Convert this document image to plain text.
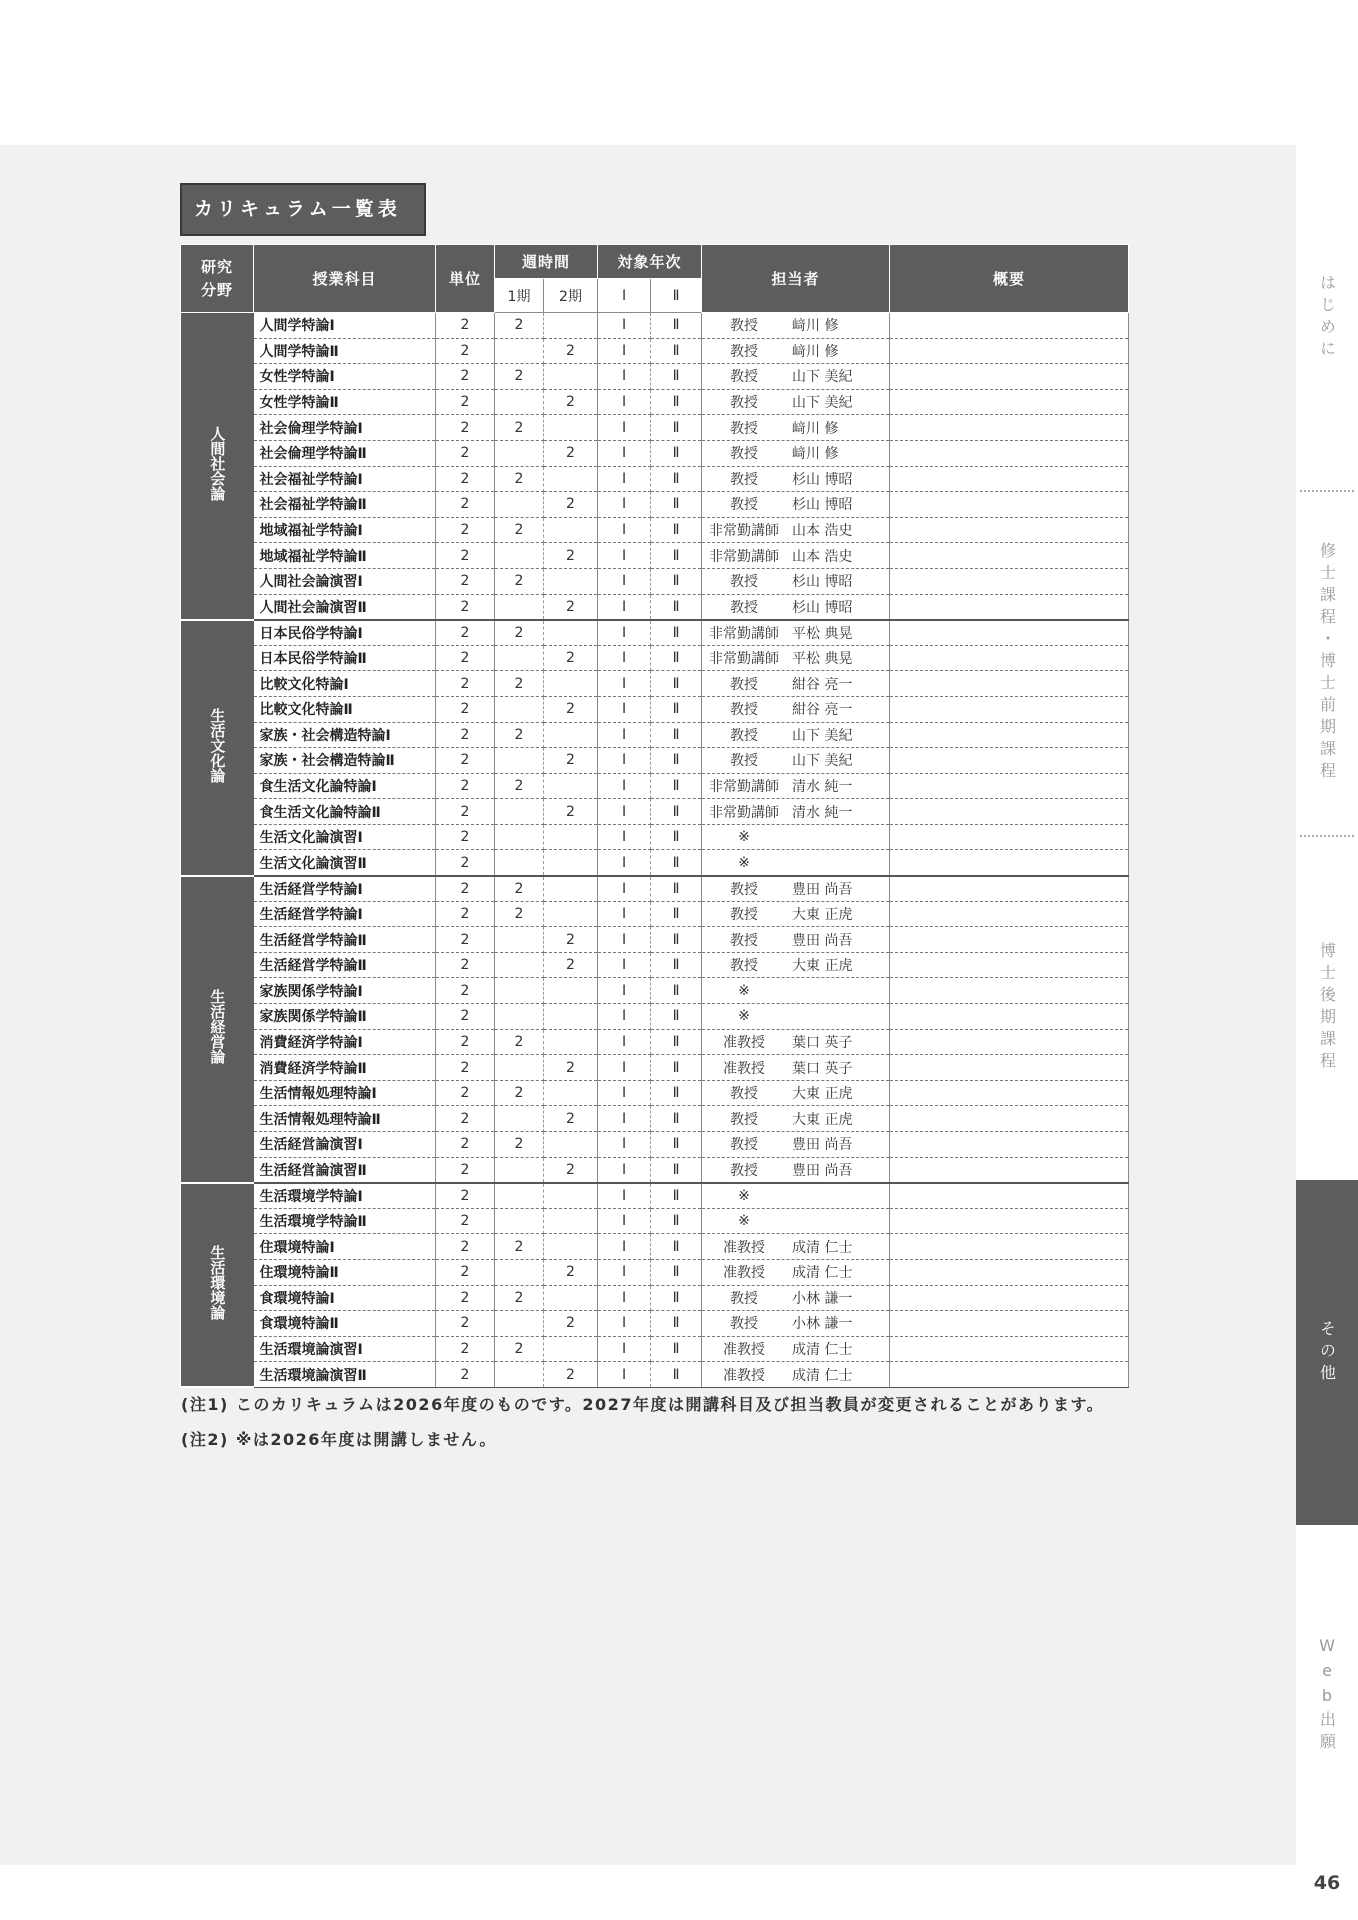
カリキュラム一覧表
研究
分野	授業科目	単位	週時間		対象年次		担当者	概要
			1期	2期	Ⅰ	Ⅱ		
人間社会論	人間学特論Ⅰ	2	2		Ⅰ	Ⅱ	教授 﨑川 修	
	人間学特論Ⅱ	2		2	Ⅰ	Ⅱ	教授 﨑川 修	
	女性学特論Ⅰ	2	2		Ⅰ	Ⅱ	教授 山下 美紀	
	女性学特論Ⅱ	2		2	Ⅰ	Ⅱ	教授 山下 美紀	
	社会倫理学特論Ⅰ	2	2		Ⅰ	Ⅱ	教授 﨑川 修	
	社会倫理学特論Ⅱ	2		2	Ⅰ	Ⅱ	教授 﨑川 修	
	社会福祉学特論Ⅰ	2	2		Ⅰ	Ⅱ	教授 杉山 博昭	
	社会福祉学特論Ⅱ	2		2	Ⅰ	Ⅱ	教授 杉山 博昭	
	地域福祉学特論Ⅰ	2	2		Ⅰ	Ⅱ	非常勤講師 山本 浩史	
	地域福祉学特論Ⅱ	2		2	Ⅰ	Ⅱ	非常勤講師 山本 浩史	
	人間社会論演習Ⅰ	2	2		Ⅰ	Ⅱ	教授 杉山 博昭	
	人間社会論演習Ⅱ	2		2	Ⅰ	Ⅱ	教授 杉山 博昭	
生活文化論	日本民俗学特論Ⅰ	2	2		Ⅰ	Ⅱ	非常勤講師 平松 典晃	
	日本民俗学特論Ⅱ	2		2	Ⅰ	Ⅱ	非常勤講師 平松 典晃	
	比較文化特論Ⅰ	2	2		Ⅰ	Ⅱ	教授 紺谷 亮一	
	比較文化特論Ⅱ	2		2	Ⅰ	Ⅱ	教授 紺谷 亮一	
	家族・社会構造特論Ⅰ	2	2		Ⅰ	Ⅱ	教授 山下 美紀	
	家族・社会構造特論Ⅱ	2		2	Ⅰ	Ⅱ	教授 山下 美紀	
	食生活文化論特論Ⅰ	2	2		Ⅰ	Ⅱ	非常勤講師 清水 純一	
	食生活文化論特論Ⅱ	2		2	Ⅰ	Ⅱ	非常勤講師 清水 純一	
	生活文化論演習Ⅰ	2			Ⅰ	Ⅱ	※	
	生活文化論演習Ⅱ	2			Ⅰ	Ⅱ	※	
生活経営論	生活経営学特論Ⅰ	2	2		Ⅰ	Ⅱ	教授 豊田 尚吾	
	生活経営学特論Ⅰ	2	2		Ⅰ	Ⅱ	教授 大東 正虎	
	生活経営学特論Ⅱ	2		2	Ⅰ	Ⅱ	教授 豊田 尚吾	
	生活経営学特論Ⅱ	2		2	Ⅰ	Ⅱ	教授 大東 正虎	
	家族関係学特論Ⅰ	2			Ⅰ	Ⅱ	※	
	家族関係学特論Ⅱ	2			Ⅰ	Ⅱ	※	
	消費経済学特論Ⅰ	2	2		Ⅰ	Ⅱ	准教授 葉口 英子	
	消費経済学特論Ⅱ	2		2	Ⅰ	Ⅱ	准教授 葉口 英子	
	生活情報処理特論Ⅰ	2	2		Ⅰ	Ⅱ	教授 大東 正虎	
	生活情報処理特論Ⅱ	2		2	Ⅰ	Ⅱ	教授 大東 正虎	
	生活経営論演習Ⅰ	2	2		Ⅰ	Ⅱ	教授 豊田 尚吾	
	生活経営論演習Ⅱ	2		2	Ⅰ	Ⅱ	教授 豊田 尚吾	
生活環境論	生活環境学特論Ⅰ	2			Ⅰ	Ⅱ	※	
	生活環境学特論Ⅱ	2			Ⅰ	Ⅱ	※	
	住環境特論Ⅰ	2	2		Ⅰ	Ⅱ	准教授 成清 仁士	
	住環境特論Ⅱ	2		2	Ⅰ	Ⅱ	准教授 成清 仁士	
	食環境特論Ⅰ	2	2		Ⅰ	Ⅱ	教授 小林 謙一	
	食環境特論Ⅱ	2		2	Ⅰ	Ⅱ	教授 小林 謙一	
	生活環境論演習Ⅰ	2	2		Ⅰ	Ⅱ	准教授 成清 仁士	
	生活環境論演習Ⅱ	2		2	Ⅰ	Ⅱ	准教授 成清 仁士	
(注1) このカリキュラムは2026年度のものです。2027年度は開講科目及び担当教員が変更されることがあります。
(注2) ※は2026年度は開講しません。
はじめに
修士課程・博士前期課程
博士後期課程
その他
Web出願
46
